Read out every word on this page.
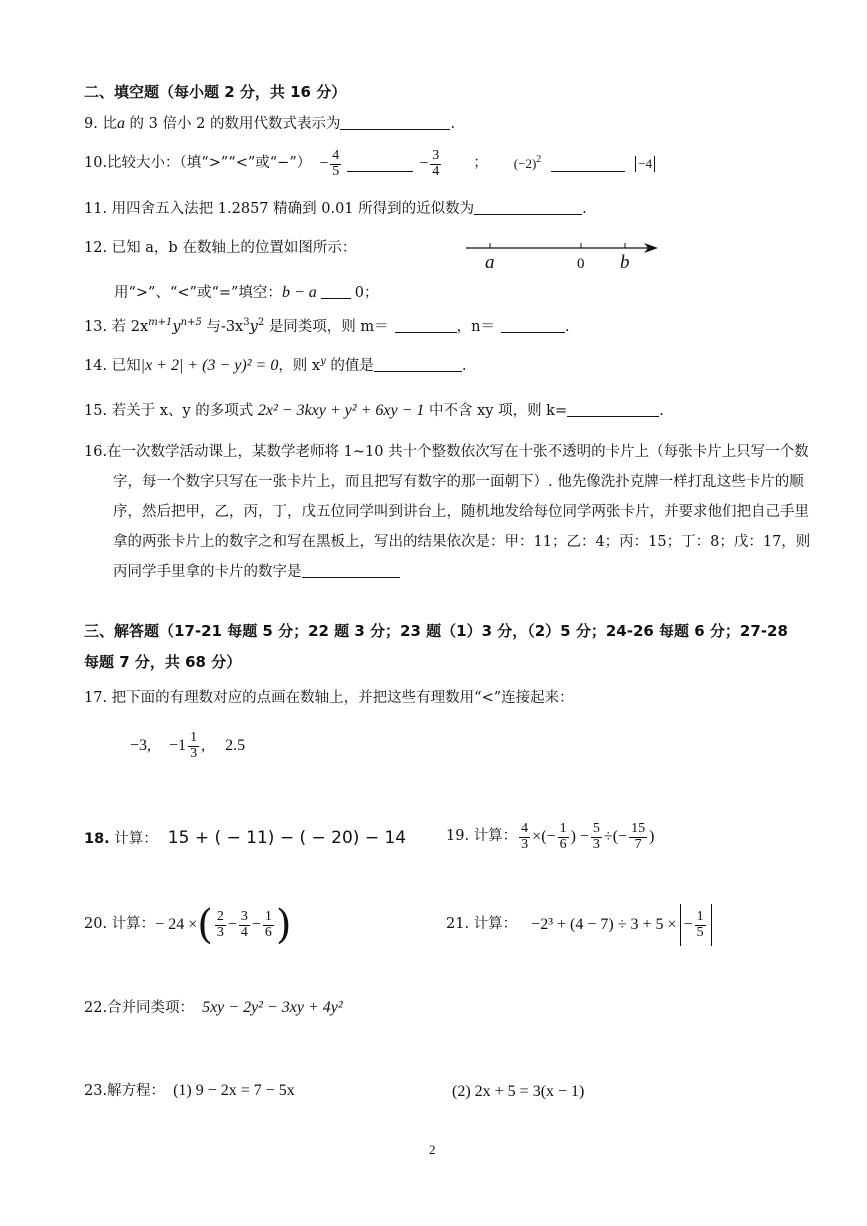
二、填空题（每小题 2 分，共 16 分）
9. 比a 的 3 倍小 2 的数用代数式表示为	.
10.比较大小：（填“>”“<”或“−”） − $\frac{4}{5}$	− $\frac{3}{4}$ ； $(-2)^2$	−4
11. 用四舍五入法把 1.2857 精确到 0.01 所得到的近似数为	.
12. 已知 a，b 在数轴上的位置如图所示：
a	0 b
用“>”、“<”或“=”填空：b − a	0；
13. 若 $2x^{m+1}y^{n+5}$ 与$-3x^3y^2$ 是同类项，则 m＝	，n＝	.
14. 已知|x + 2| + (3 − y)² = 0，则 $x^y$ 的值是	.
15. 若关于 x、y 的多项式 2x² − 3kxy + y² + 6xy − 1 中不含 xy 项，则 k=	.
16.在一次数学活动课上，某数学老师将 1~10 共十个整数依次写在十张不透明的卡片上（每张卡片上只写一个数字，每一个数字只写在一张卡片上，而且把写有数字的那一面朝下）. 他先像洗扑克牌一样打乱这些卡片的顺序，然后把甲，乙，丙，丁，戊五位同学叫到讲台上，随机地发给每位同学两张卡片，并要求他们把自己手里拿的两张卡片上的数字之和写在黑板上，写出的结果依次是：甲：11；乙：4；丙：15；丁：8；戊：17，则丙同学手里拿的卡片的数字是
三、解答题（17-21 每题 5 分；22 题 3 分；23 题（1）3 分，（2）5 分；24-26 每题 6 分；27-28 每题 7 分，共 68 分）
17. 把下面的有理数对应的点画在数轴上，并把这些有理数用“<”连接起来：
−3, $-1 \frac{1}{3}$ , 2.5
18. 计算： 15 + ( − 11) − ( − 20) − 14	19. 计算： $\frac{4}{3}$ × (− $\frac{1}{6}$ ) − $\frac{5}{3}$ ÷ (− $\frac{15}{7}$ )
20. 计算： − 24 × ( $\frac{2}{3} - \frac{3}{4} - \frac{1}{6}$ )	21. 计算： −2³ + (4 − 7) ÷ 3 + 5 × − $\frac{1}{5}$
22.合并同类项： 5xy − 2y² − 3xy + 4y²
23.解方程： (1) 9 − 2x = 7 − 5x	(2) 2x + 5 = 3(x − 1)
2
